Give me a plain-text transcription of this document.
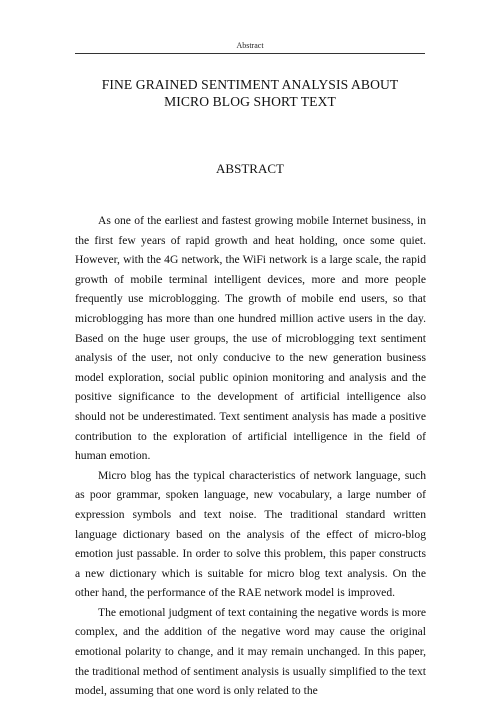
Abstract
FINE GRAINED SENTIMENT ANALYSIS ABOUT
MICRO BLOG SHORT TEXT
ABSTRACT

As one of the earliest and fastest growing mobile Internet business, in the first few years of rapid growth and heat holding, once some quiet. However, with the 4G network, the WiFi network is a large scale, the rapid growth of mobile terminal intelligent devices, more and more people frequently use microblogging. The growth of mobile end users, so that microblogging has more than one hundred million active users in the day. Based on the huge user groups, the use of microblogging text sentiment analysis of the user, not only conducive to the new generation business model exploration, social public opinion monitoring and analysis and the positive significance to the development of artificial intelligence also should not be underestimated. Text sentiment analysis has made a positive contribution to the exploration of artificial intelligence in the field of human emotion.

Micro blog has the typical characteristics of network language, such as poor grammar, spoken language, new vocabulary, a large number of expression symbols and text noise. The traditional standard written language dictionary based on the analysis of the effect of micro-blog emotion just passable. In order to solve this problem, this paper constructs a new dictionary which is suitable for micro blog text analysis. On the other hand, the performance of the RAE network model is improved.

The emotional judgment of text containing the negative words is more complex, and the addition of the negative word may cause the original emotional polarity to change, and it may remain unchanged. In this paper, the traditional method of sentiment analysis is usually simplified to the text model, assuming that one word is only related to the
